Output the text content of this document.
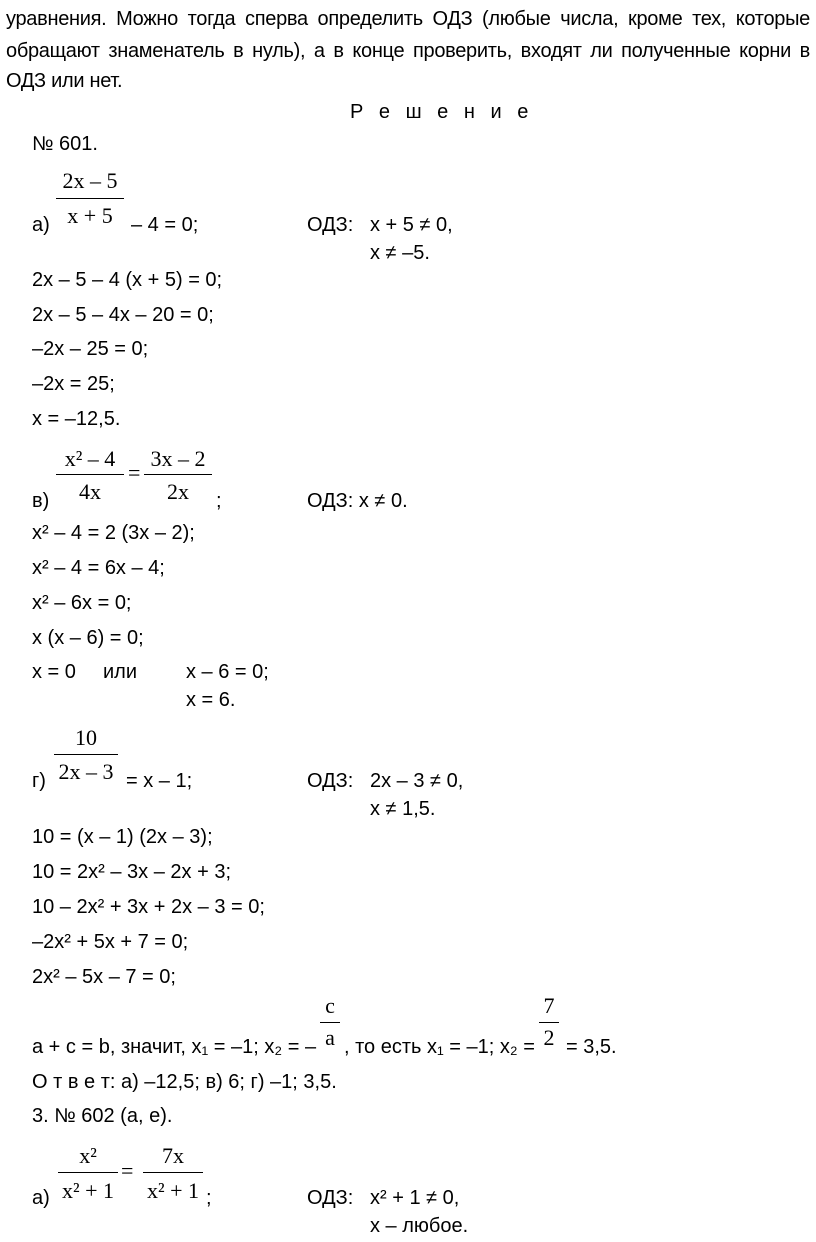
уравнения. Можно тогда сперва определить ОДЗ (любые числа, кроме тех, которые
обращают знаменатель в нуль), а в конце проверить, входят ли полученные корни в
ОДЗ или нет.
Р е ш е н и е
№ 601.
2x – 5
x + 5
а)	– 4 = 0;	ОДЗ: x + 5 ≠ 0,
x ≠ –5.
2x – 5 – 4 (x + 5) = 0;
2x – 5 – 4x – 20 = 0;
–2x – 25 = 0;
–2x = 25;
x = –12,5.
x² – 4
4x
=
3x – 2
2x
в)	;	ОДЗ: x ≠ 0.
x² – 4 = 2 (3x – 2);
x² – 4 = 6x – 4;
x² – 6x = 0;
x (x – 6) = 0;
x = 0 или x – 6 = 0;
x = 6.
10
2x – 3
г)	= x – 1;	ОДЗ: 2x – 3 ≠ 0,
x ≠ 1,5.
10 = (x – 1) (2x – 3);
10 = 2x² – 3x – 2x + 3;
10 – 2x² + 3x + 2x – 3 = 0;
–2x² + 5x + 7 = 0;
2x² – 5x – 7 = 0;
c
a
a + c = b, значит, x₁ = –1; x₂ = – , то есть x₁ = –1; x₂ =
7
2 = 3,5.
О т в е т: а) –12,5; в) 6; г) –1; 3,5.
3. № 602 (а, е).
x²
x² + 1
=
7x
x² + 1
а)	;	ОДЗ: x² + 1 ≠ 0,
x – любое.
